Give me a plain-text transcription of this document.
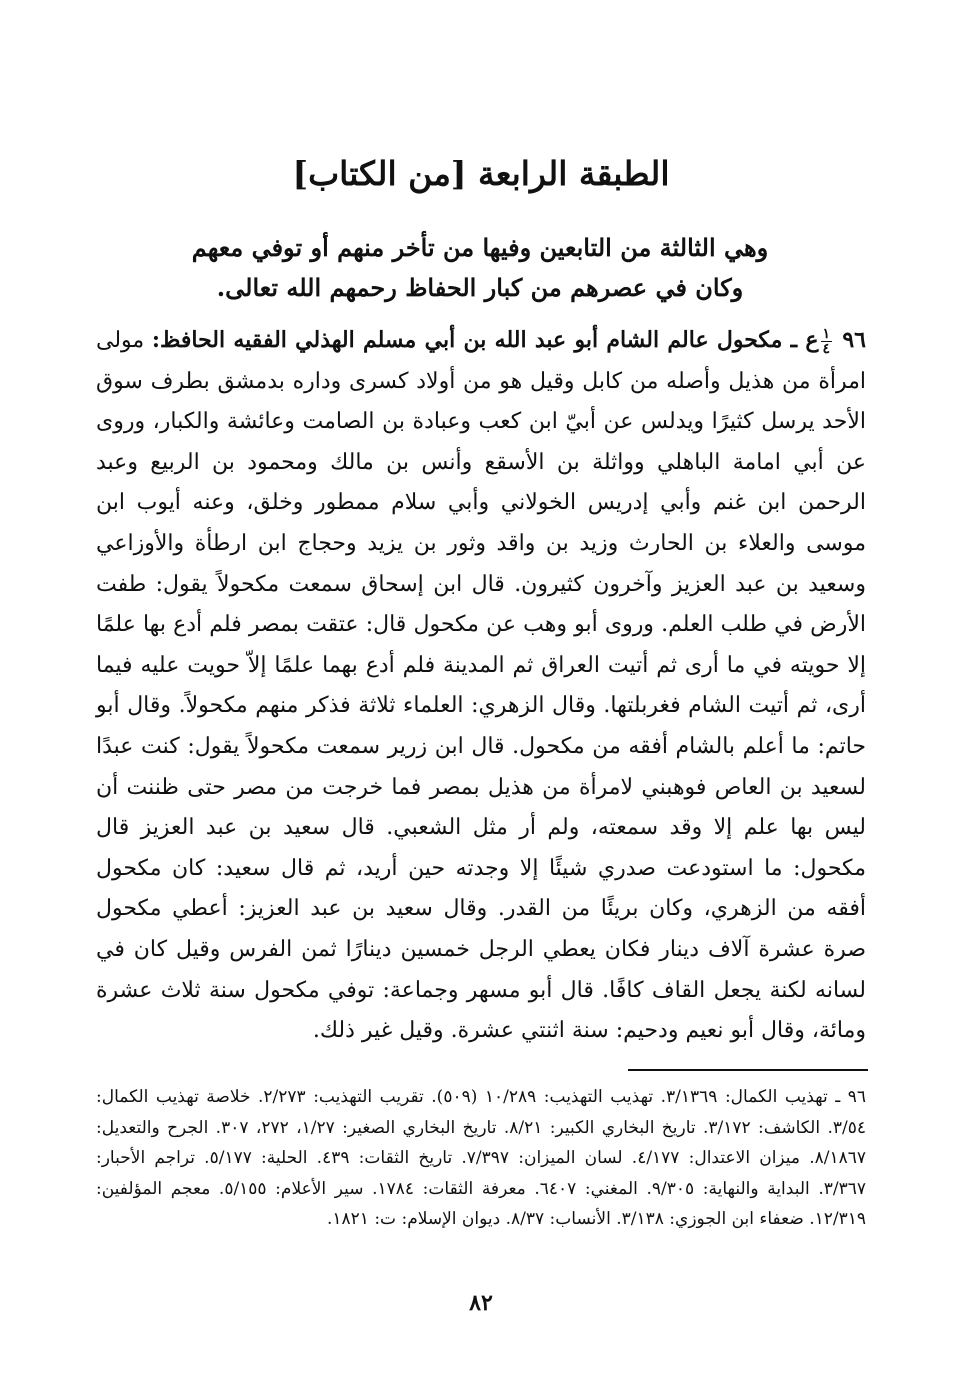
الطبقة الرابعة [من الكتاب]

وهي الثالثة من التابعين وفيها من تأخر منهم أو توفي معهم وكان في عصرهم من كبار الحفاظ رحمهم الله تعالى.

٩٦
$\frac{١}{٤}$
ع ـ مكحول عالم الشام أبو عبد الله بن أبي مسلم الهذلي الفقيه الحافظ: مولى امرأة من هذيل وأصله من كابل وقيل هو من أولاد كسرى وداره بدمشق بطرف سوق الأحد يرسل كثيرًا ويدلس عن أبيّ ابن كعب وعبادة بن الصامت وعائشة والكبار، وروى عن أبي امامة الباهلي وواثلة بن الأسقع وأنس بن مالك ومحمود بن الربيع وعبد الرحمن ابن غنم وأبي إدريس الخولاني وأبي سلام ممطور وخلق، وعنه أيوب ابن موسى والعلاء بن الحارث وزيد بن واقد وثور بن يزيد وحجاج ابن ارطأة والأوزاعي وسعيد بن عبد العزيز وآخرون كثيرون. قال ابن إسحاق سمعت مكحولاً يقول: طفت الأرض في طلب العلم. وروى أبو وهب عن مكحول قال: عتقت بمصر فلم أدع بها علمًا إلا حويته في ما أرى ثم أتيت العراق ثم المدينة فلم أدع بهما علمًا إلاّ حويت عليه فيما أرى، ثم أتيت الشام فغربلتها. وقال الزهري: العلماء ثلاثة فذكر منهم مكحولاً. وقال أبو حاتم: ما أعلم بالشام أفقه من مكحول. قال ابن زرير سمعت مكحولاً يقول: كنت عبدًا لسعيد بن العاص فوهبني لامرأة من هذيل بمصر فما خرجت من مصر حتى ظننت أن ليس بها علم إلا وقد سمعته، ولم أر مثل الشعبي. قال سعيد بن عبد العزيز قال مكحول: ما استودعت صدري شيئًا إلا وجدته حين أريد، ثم قال سعيد: كان مكحول أفقه من الزهري، وكان بريئًا من القدر. وقال سعيد بن عبد العزيز: أعطي مكحول صرة عشرة آلاف دينار فكان يعطي الرجل خمسين دينارًا ثمن الفرس وقيل كان في لسانه لكنة يجعل القاف كافًا. قال أبو مسهر وجماعة: توفي مكحول سنة ثلاث عشرة ومائة، وقال أبو نعيم ودحيم: سنة اثنتي عشرة. وقيل غير ذلك.

٩٦ ـ تهذيب الكمال: ٣/١٣٦٩. تهذيب التهذيب: ١٠/٢٨٩ (٥٠٩). تقريب التهذيب: ٢/٢٧٣. خلاصة تهذيب الكمال: ٣/٥٤. الكاشف: ٣/١٧٢. تاريخ البخاري الكبير: ٨/٢١. تاريخ البخاري الصغير: ١/٢٧، ٢٧٢، ٣٠٧. الجرح والتعديل: ٨/١٨٦٧. ميزان الاعتدال: ٤/١٧٧. لسان الميزان: ٧/٣٩٧. تاريخ الثقات: ٤٣٩. الحلية: ٥/١٧٧. تراجم الأحبار: ٣/٣٦٧. البداية والنهاية: ٩/٣٠٥. المغني: ٦٤٠٧. معرفة الثقات: ١٧٨٤. سير الأعلام: ٥/١٥٥. معجم المؤلفين: ١٢/٣١٩. ضعفاء ابن الجوزي: ٣/١٣٨. الأنساب: ٨/٣٧. ديوان الإسلام: ت: ١٨٢١.

٨٢
